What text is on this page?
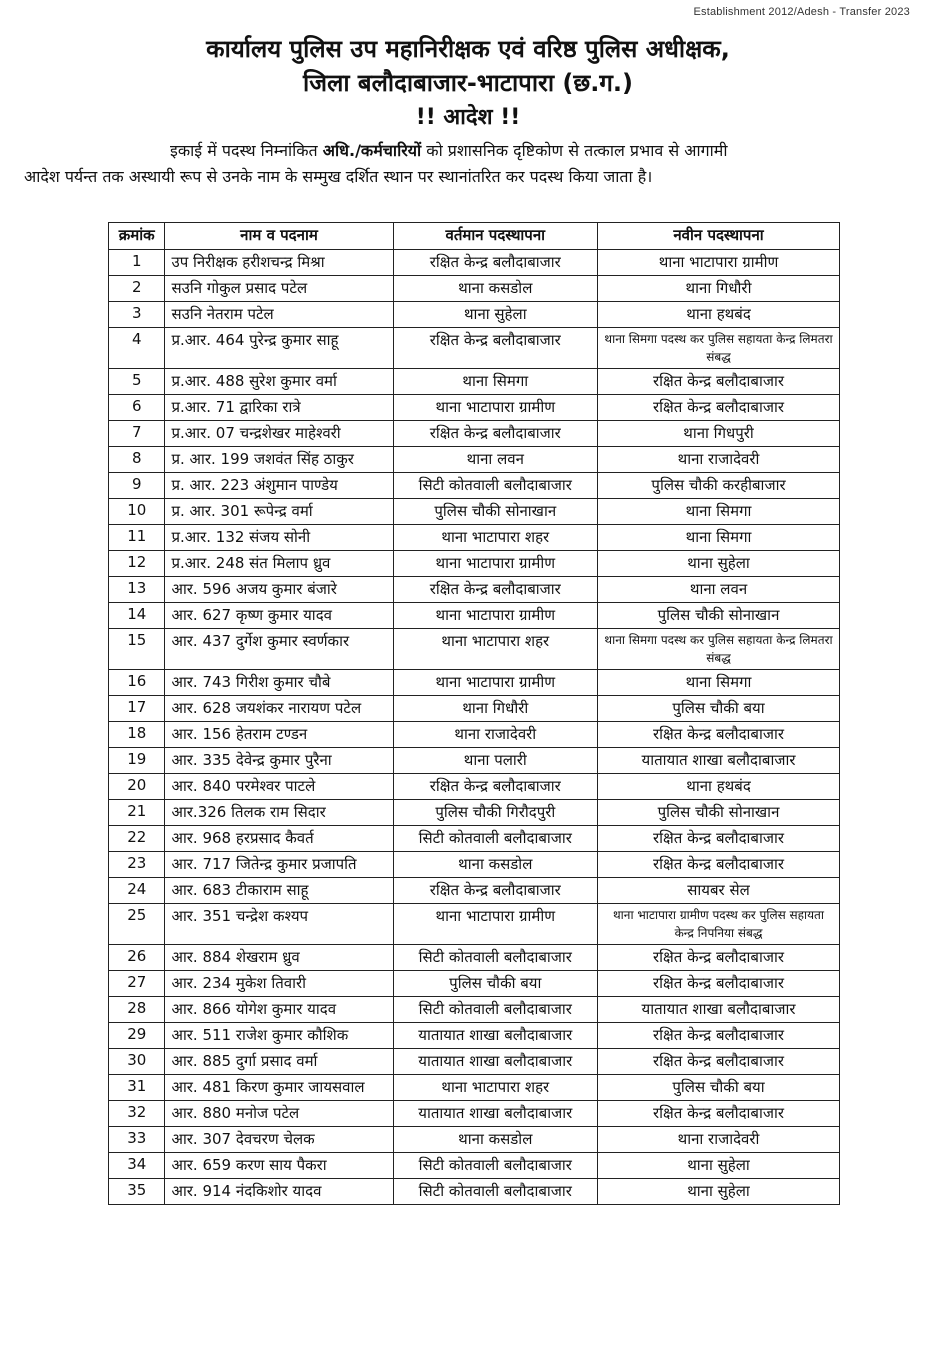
Establishment 2012/Adesh - Transfer 2023
कार्यालय पुलिस उप महानिरीक्षक एवं वरिष्ठ पुलिस अधीक्षक,
जिला बलौदाबाजार-भाटापारा (छ.ग.)
!! आदेश !!

इकाई में पदस्थ निम्नांकित अधि./कर्मचारियों को प्रशासनिक दृष्टिकोण से तत्काल प्रभाव से आगामी

आदेश पर्यन्त तक अस्थायी रूप से उनके नाम के सम्मुख दर्शित स्थान पर स्थानांतरित कर पदस्थ किया जाता है।

क्रमांक	नाम व पदनाम	वर्तमान पदस्थापना	नवीन पदस्थापना
1	उप निरीक्षक हरीशचन्द्र मिश्रा	रक्षित केन्द्र बलौदाबाजार	थाना भाटापारा ग्रामीण
2	सउनि गोकुल प्रसाद पटेल	थाना कसडोल	थाना गिधौरी
3	सउनि नेतराम पटेल	थाना सुहेला	थाना हथबंद
4	प्र.आर. 464 पुरेन्द्र कुमार साहू	रक्षित केन्द्र बलौदाबाजार	थाना सिमगा पदस्थ कर पुलिस सहायता केन्द्र लिमतरा संबद्ध
5	प्र.आर. 488 सुरेश कुमार वर्मा	थाना सिमगा	रक्षित केन्द्र बलौदाबाजार
6	प्र.आर. 71 द्वारिका रात्रे	थाना भाटापारा ग्रामीण	रक्षित केन्द्र बलौदाबाजार
7	प्र.आर. 07 चन्द्रशेखर माहेश्वरी	रक्षित केन्द्र बलौदाबाजार	थाना गिधपुरी
8	प्र. आर. 199 जशवंत सिंह ठाकुर	थाना लवन	थाना राजादेवरी
9	प्र. आर. 223 अंशुमान पाण्डेय	सिटी कोतवाली बलौदाबाजार	पुलिस चौकी करहीबाजार
10	प्र. आर. 301 रूपेन्द्र वर्मा	पुलिस चौकी सोनाखान	थाना सिमगा
11	प्र.आर. 132 संजय सोनी	थाना भाटापारा शहर	थाना सिमगा
12	प्र.आर. 248 संत मिलाप ध्रुव	थाना भाटापारा ग्रामीण	थाना सुहेला
13	आर. 596 अजय कुमार बंजारे	रक्षित केन्द्र बलौदाबाजार	थाना लवन
14	आर. 627 कृष्ण कुमार यादव	थाना भाटापारा ग्रामीण	पुलिस चौकी सोनाखान
15	आर. 437 दुर्गेश कुमार स्वर्णकार	थाना भाटापारा शहर	थाना सिमगा पदस्थ कर पुलिस सहायता केन्द्र लिमतरा संबद्ध
16	आर. 743 गिरीश कुमार चौबे	थाना भाटापारा ग्रामीण	थाना सिमगा
17	आर. 628 जयशंकर नारायण पटेल	थाना गिधौरी	पुलिस चौकी बया
18	आर. 156 हेतराम टण्डन	थाना राजादेवरी	रक्षित केन्द्र बलौदाबाजार
19	आर. 335 देवेन्द्र कुमार पुरैना	थाना पलारी	यातायात शाखा बलौदाबाजार
20	आर. 840 परमेश्वर पाटले	रक्षित केन्द्र बलौदाबाजार	थाना हथबंद
21	आर.326 तिलक राम सिदार	पुलिस चौकी गिरौदपुरी	पुलिस चौकी सोनाखान
22	आर. 968 हरप्रसाद कैवर्त	सिटी कोतवाली बलौदाबाजार	रक्षित केन्द्र बलौदाबाजार
23	आर. 717 जितेन्द्र कुमार प्रजापति	थाना कसडोल	रक्षित केन्द्र बलौदाबाजार
24	आर. 683 टीकाराम साहू	रक्षित केन्द्र बलौदाबाजार	सायबर सेल
25	आर. 351 चन्द्रेश कश्यप	थाना भाटापारा ग्रामीण	थाना भाटापारा ग्रामीण पदस्थ कर पुलिस सहायता केन्द्र निपनिया संबद्ध
26	आर. 884 शेखराम ध्रुव	सिटी कोतवाली बलौदाबाजार	रक्षित केन्द्र बलौदाबाजार
27	आर. 234 मुकेश तिवारी	पुलिस चौकी बया	रक्षित केन्द्र बलौदाबाजार
28	आर. 866 योगेश कुमार यादव	सिटी कोतवाली बलौदाबाजार	यातायात शाखा बलौदाबाजार
29	आर. 511 राजेश कुमार कौशिक	यातायात शाखा बलौदाबाजार	रक्षित केन्द्र बलौदाबाजार
30	आर. 885 दुर्गा प्रसाद वर्मा	यातायात शाखा बलौदाबाजार	रक्षित केन्द्र बलौदाबाजार
31	आर. 481 किरण कुमार जायसवाल	थाना भाटापारा शहर	पुलिस चौकी बया
32	आर. 880 मनोज पटेल	यातायात शाखा बलौदाबाजार	रक्षित केन्द्र बलौदाबाजार
33	आर. 307 देवचरण चेलक	थाना कसडोल	थाना राजादेवरी
34	आर. 659 करण साय पैकरा	सिटी कोतवाली बलौदाबाजार	थाना सुहेला
35	आर. 914 नंदकिशोर यादव	सिटी कोतवाली बलौदाबाजार	थाना सुहेला
